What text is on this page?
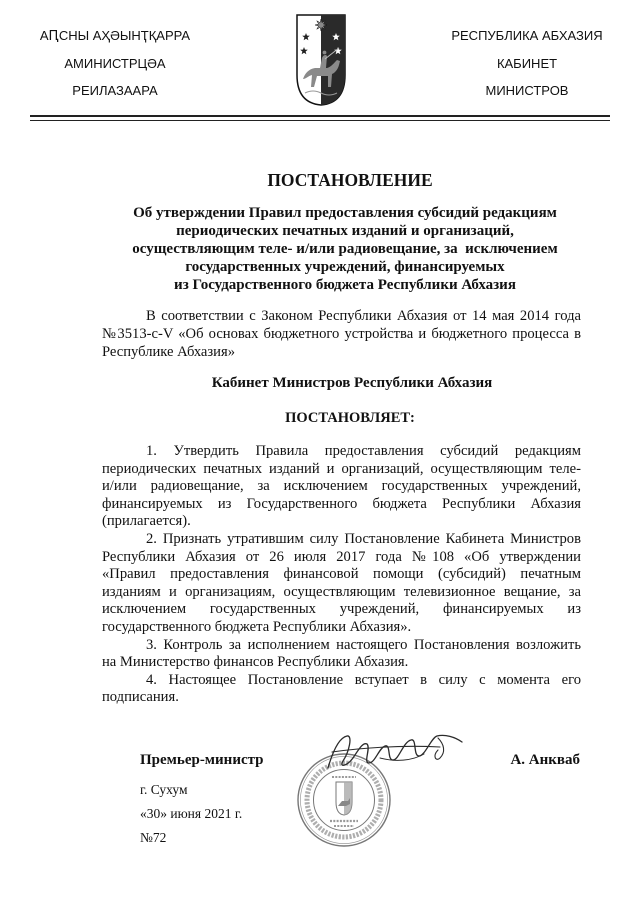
АԤСНЫ АҲӘЫНҬҚАРРА
АМИНИСТРЦӘА
РЕИЛАЗААРА
РЕСПУБЛИКА АБХАЗИЯ
КАБИНЕТ
МИНИСТРОВ
ПОСТАНОВЛЕНИЕ
Об утверждении Правил предоставления субсидий редакциям
периодических печатных изданий и организаций,
осуществляющим теле- и/или радиовещание, за  исключением
государственных учреждений, финансируемых
из Государственного бюджета Республики Абхазия
В соответствии с Законом Республики Абхазия от 14 мая 2014 года
№3513-с-V «Об основах бюджетного устройства и бюджетного процесса в
Республике Абхазия»
Кабинет Министров Республики Абхазия
ПОСТАНОВЛЯЕТ:
1. Утвердить Правила предоставления субсидий редакциям
периодических печатных изданий и организаций, осуществляющим теле-
и/или радиовещание, за исключением государственных учреждений,
финансируемых из Государственного бюджета Республики Абхазия
(прилагается).
2. Признать утратившим силу Постановление Кабинета Министров
Республики Абхазия от 26 июля 2017 года №108 «Об утверждении
«Правил предоставления финансовой помощи (субсидий) печатным
изданиям и организациям, осуществляющим телевизионное вещание, за
исключением государственных учреждений, финансируемых из
государственного бюджета Республики Абхазия».
3. Контроль за исполнением настоящего Постановления возложить
на Министерство финансов Республики Абхазия.
4. Настоящее Постановление вступает в силу с момента его
подписания.
Премьер-министр	А. Анкваб
г. Сухум
«30» июня 2021 г.
№72
